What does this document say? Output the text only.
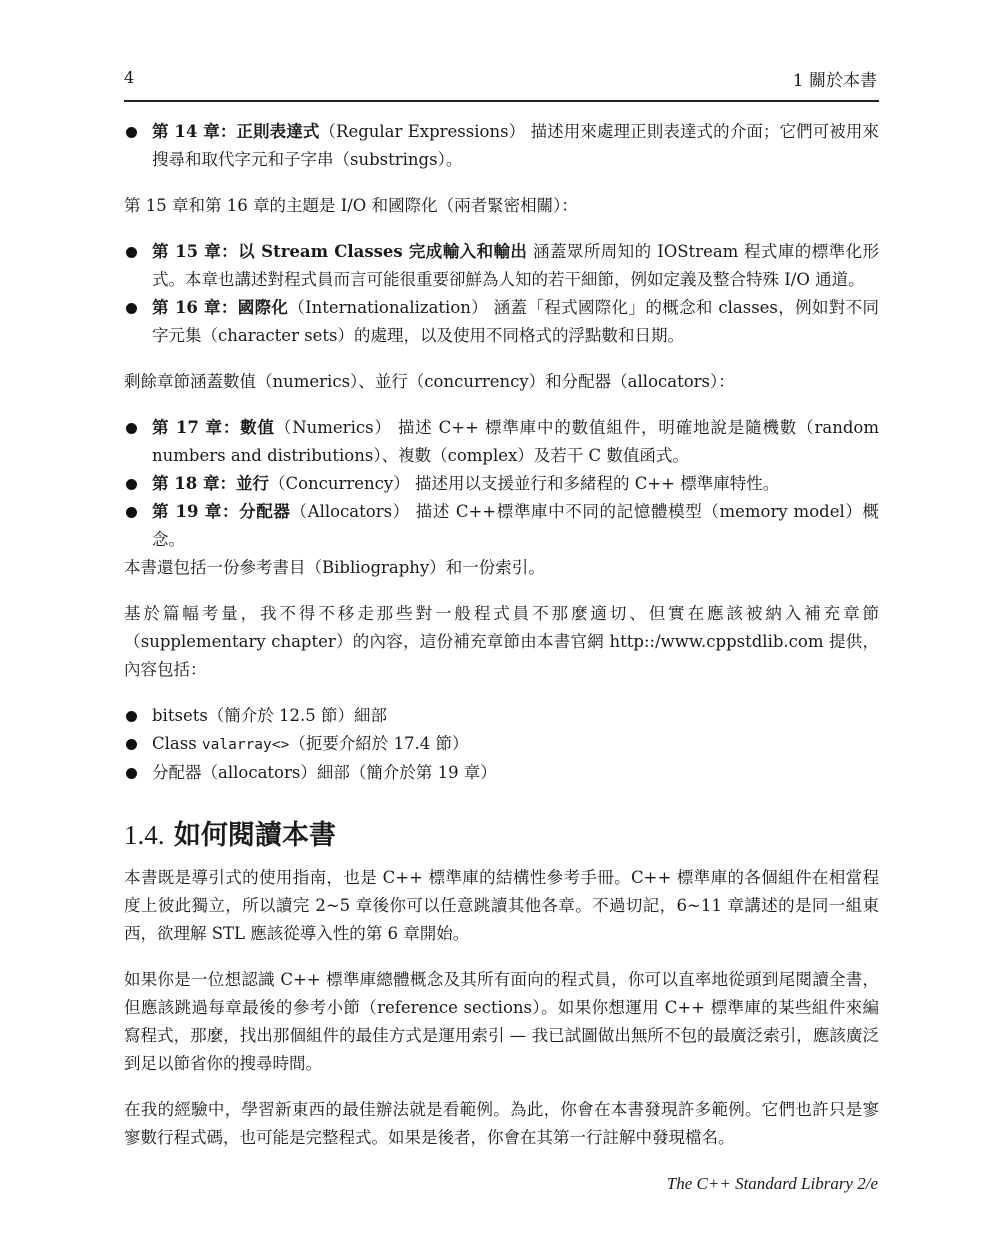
4	1 關於本書
第 14 章：正則表達式（Regular Expressions） 描述用來處理正則表達式的介面；它們可被用來搜尋和取代字元和子字串（substrings）。

第 15 章和第 16 章的主題是 I/O 和國際化（兩者緊密相關）：

第 15 章：以 Stream Classes 完成輸入和輸出 涵蓋眾所周知的 IOStream 程式庫的標準化形式。本章也講述對程式員而言可能很重要卻鮮為人知的若干細節，例如定義及整合特殊 I/O 通道。
第 16 章：國際化（Internationalization） 涵蓋「程式國際化」的概念和 classes，例如對不同字元集（character sets）的處理，以及使用不同格式的浮點數和日期。

剩餘章節涵蓋數值（numerics）、並行（concurrency）和分配器（allocators）：

第 17 章：數值（Numerics） 描述 C++ 標準庫中的數值組件，明確地說是隨機數（random numbers and distributions）、複數（complex）及若干 C 數值函式。
第 18 章：並行（Concurrency） 描述用以支援並行和多緒程的 C++ 標準庫特性。
第 19 章：分配器（Allocators） 描述 C++標準庫中不同的記憶體模型（memory model）概念。

本書還包括一份參考書目（Bibliography）和一份索引。

基於篇幅考量，我不得不移走那些對一般程式員不那麼適切、但實在應該被納入補充章節（supplementary chapter）的內容，這份補充章節由本書官網 http::/www.cppstdlib.com 提供，內容包括：

bitsets（簡介於 12.5 節）細部
Class valarray<>（扼要介紹於 17.4 節）
分配器（allocators）細部（簡介於第 19 章）
1.4. 如何閱讀本書

本書既是導引式的使用指南，也是 C++ 標準庫的結構性參考手冊。C++ 標準庫的各個組件在相當程度上彼此獨立，所以讀完 2~5 章後你可以任意跳讀其他各章。不過切記，6~11 章講述的是同一組東西，欲理解 STL 應該從導入性的第 6 章開始。

如果你是一位想認識 C++ 標準庫總體概念及其所有面向的程式員，你可以直率地從頭到尾閱讀全書，但應該跳過每章最後的參考小節（reference sections）。如果你想運用 C++ 標準庫的某些組件來編寫程式，那麼，找出那個組件的最佳方式是運用索引 — 我已試圖做出無所不包的最廣泛索引，應該廣泛到足以節省你的搜尋時間。

在我的經驗中，學習新東西的最佳辦法就是看範例。為此，你會在本書發現許多範例。它們也許只是寥寥數行程式碼，也可能是完整程式。如果是後者，你會在其第一行註解中發現檔名。

The C++ Standard Library 2/e
